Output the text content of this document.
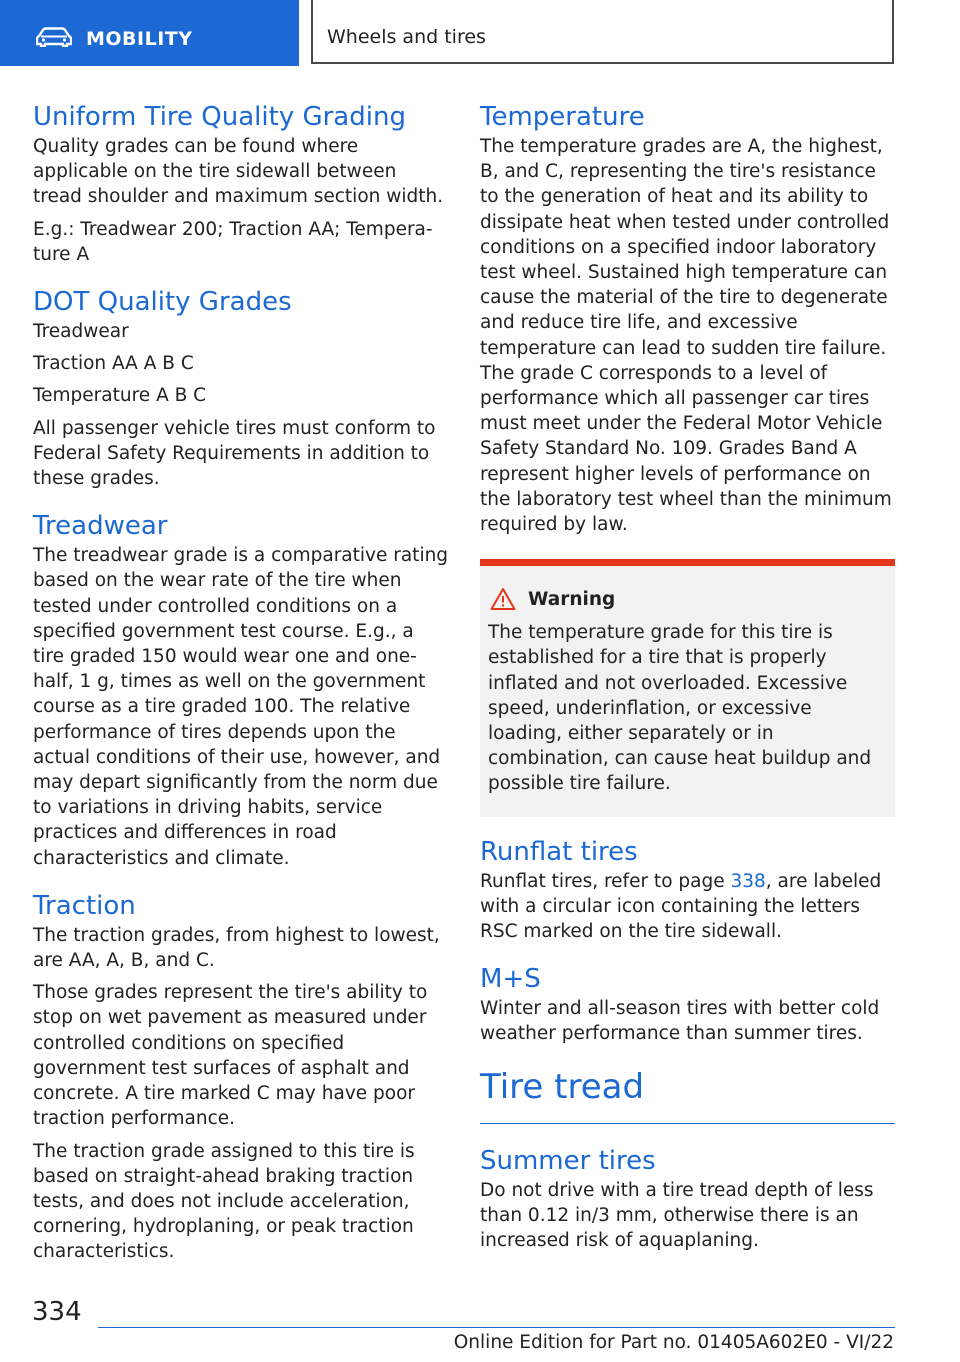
MOBILITY	Wheels and tires
Uniform Tire Quality Grading

Quality grades can be found where applicable on the tire sidewall between tread shoulder and maximum section width.

E.g.: Treadwear 200; Traction AA; Temperature A

DOT Quality Grades

Treadwear

Traction AA A B C

Temperature A B C

All passenger vehicle tires must conform to Federal Safety Requirements in addition to these grades.

Treadwear

The treadwear grade is a comparative rating based on the wear rate of the tire when tested under controlled conditions on a specified government test course. E.g., a tire graded 150 would wear one and one-half, 1 g, times as well on the government course as a tire graded 100. The relative performance of tires depends upon the actual conditions of their use, however, and may depart significantly from the norm due to variations in driving habits, service practices and differences in road characteristics and climate.

Traction

The traction grades, from highest to lowest, are AA, A, B, and C.

Those grades represent the tire's ability to stop on wet pavement as measured under controlled conditions on specified government test surfaces of asphalt and concrete. A tire marked C may have poor traction performance.

The traction grade assigned to this tire is based on straight-ahead braking traction tests, and does not include acceleration, cornering, hydroplaning, or peak traction characteristics.

Temperature

The temperature grades are A, the highest, B, and C, representing the tire's resistance to the generation of heat and its ability to dissipate heat when tested under controlled conditions on a specified indoor laboratory test wheel. Sustained high temperature can cause the material of the tire to degenerate and reduce tire life, and excessive temperature can lead to sudden tire failure. The grade C corresponds to a level of performance which all passenger car tires must meet under the Federal Motor Vehicle Safety Standard No. 109. Grades Band A represent higher levels of performance on the laboratory test wheel than the minimum required by law.

Warning

The temperature grade for this tire is established for a tire that is properly inflated and not overloaded. Excessive speed, underinflation, or excessive loading, either separately or in combination, can cause heat buildup and possible tire failure.

Runflat tires

Runflat tires, refer to page 338, are labeled with a circular icon containing the letters RSC marked on the tire sidewall.

M+S

Winter and all-season tires with better cold weather performance than summer tires.

Tire tread
Summer tires

Do not drive with a tire tread depth of less than 0.12 in/3 mm, otherwise there is an increased risk of aquaplaning.

334
Online Edition for Part no. 01405A602E0 - VI/22
